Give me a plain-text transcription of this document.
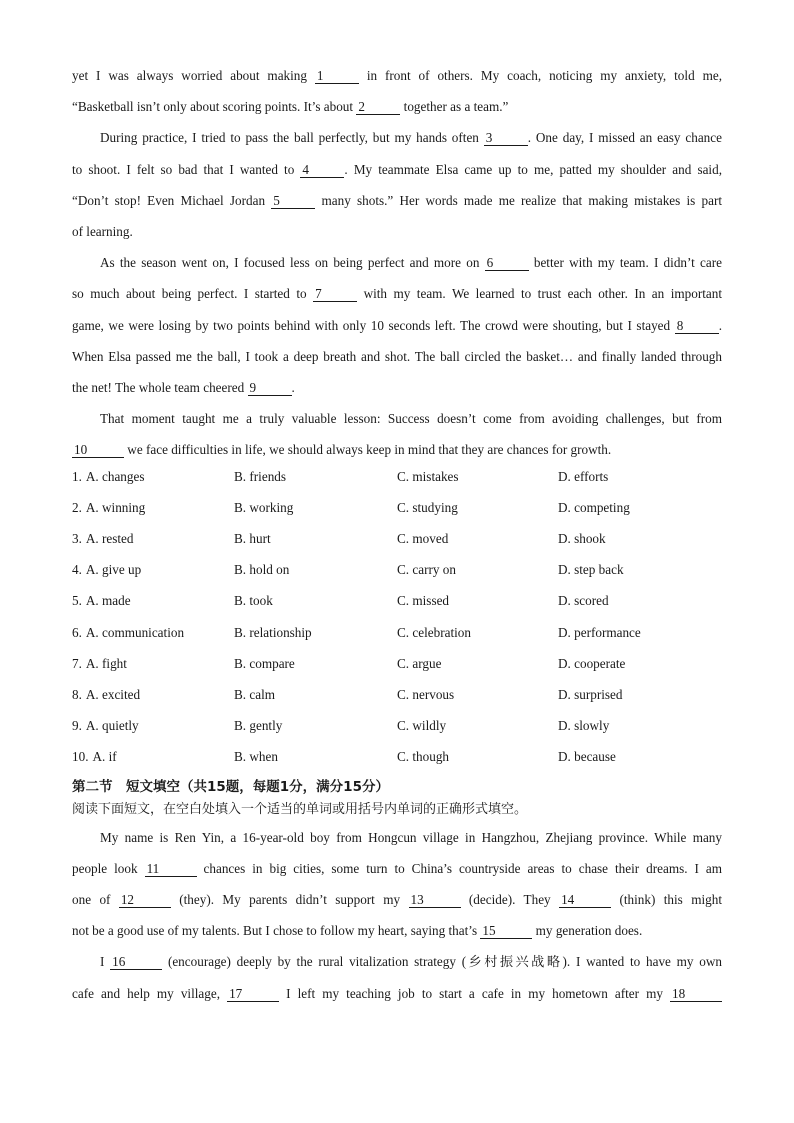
yet I was always worried about making 1	in front of others. My coach, noticing my anxiety, told me,

“Basketball isn’t only about scoring points. It’s about 2	together as a team.”

During practice, I tried to pass the ball perfectly, but my hands often 3	. One day, I missed an easy chance

to shoot. I felt so bad that I wanted to 4	. My teammate Elsa came up to me, patted my shoulder and said,

“Don’t stop! Even Michael Jordan 5	many shots.” Her words made me realize that making mistakes is part

of learning.

As the season went on, I focused less on being perfect and more on 6	better with my team. I didn’t care

so much about being perfect. I started to 7	with my team. We learned to trust each other. In an important

game, we were losing by two points behind with only 10 seconds left. The crowd were shouting, but I stayed 8	.

When Elsa passed me the ball, I took a deep breath and shot. The ball circled the basket… and finally landed through

the net! The whole team cheered 9	.

That moment taught me a truly valuable lesson: Success doesn’t come from avoiding challenges, but from

10	we face difficulties in life, we should always keep in mind that they are chances for growth.

1. A. changes	B. friends	C. mistakes	D. efforts
2. A. winning	B. working	C. studying	D. competing
3. A. rested	B. hurt	C. moved	D. shook
4. A. give up	B. hold on	C. carry on	D. step back
5. A. made	B. took	C. missed	D. scored
6. A. communication	B. relationship	C. celebration	D. performance
7. A. fight	B. compare	C. argue	D. cooperate
8. A. excited	B. calm	C. nervous	D. surprised
9. A. quietly	B. gently	C. wildly	D. slowly
10. A. if	B. when	C. though	D. because
第二节　短文填空（共15题，每题1分，满分15分）
阅读下面短文，在空白处填入一个适当的单词或用括号内单词的正确形式填空。

My name is Ren Yin, a 16-year-old boy from Hongcun village in Hangzhou, Zhejiang province. While many

people look 11	chances in big cities, some turn to China’s countryside areas to chase their dreams. I am

one of 12	(they). My parents didn’t support my 13	(decide). They 14	(think) this might

not be a good use of my talents. But I chose to follow my heart, saying that’s 15	my generation does.

I 16	(encourage) deeply by the rural vitalization strategy (乡村振兴战略). I wanted to have my own

cafe and help my village, 17	I left my teaching job to start a cafe in my hometown after my 18
